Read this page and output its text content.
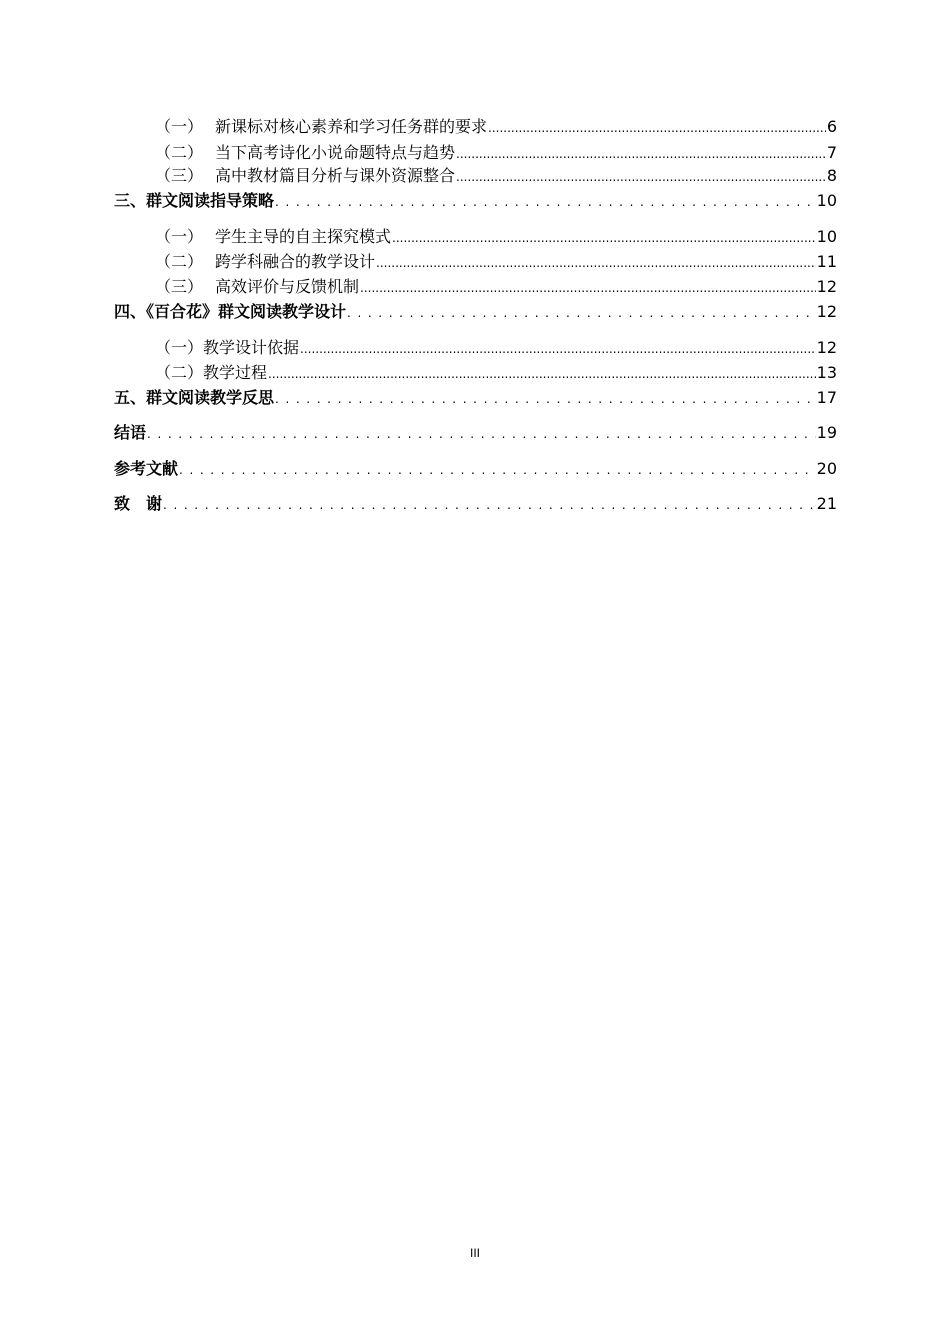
（一） 新课标对核心素养和学习任务群的要求 .....	6
（二） 当下高考诗化小说命题特点与趋势 .....	7
（三） 高中教材篇目分析与课外资源整合 .....	8
三、群文阅读指导策略 . . .	10
（一） 学生主导的自主探究模式 .....	10
（二） 跨学科融合的教学设计 .....	11
（三） 高效评价与反馈机制 .....	12
四、《百合花》群文阅读教学设计 . . .	12
（一）教学设计依据 .....	12
（二）教学过程 .....	13
五、群文阅读教学反思 . . .	17
结语 . . .	19
参考文献 . . .	20
致　谢 . . .	21
III
